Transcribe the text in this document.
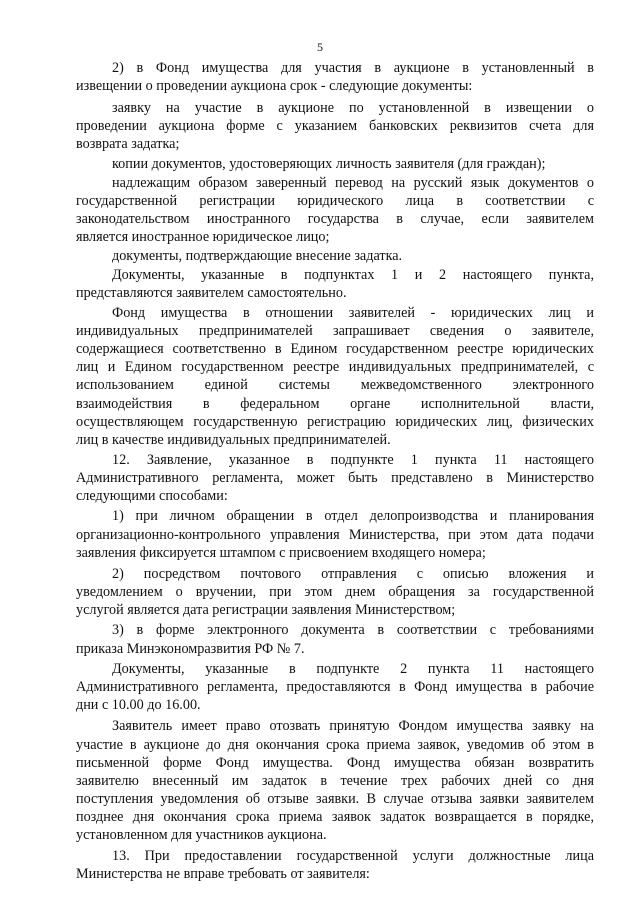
5
2) в Фонд имущества для участия в аукционе в установленный в
извещении о проведении аукциона срок - следующие документы:
заявку на участие в аукционе по установленной в извещении о
проведении аукциона форме с указанием банковских реквизитов счета для
возврата задатка;
копии документов, удостоверяющих личность заявителя (для граждан);
надлежащим образом заверенный перевод на русский язык документов о
государственной регистрации юридического лица в соответствии с
законодательством иностранного государства в случае, если заявителем
является иностранное юридическое лицо;
документы, подтверждающие внесение задатка.
Документы, указанные в подпунктах 1 и 2 настоящего пункта,
представляются заявителем самостоятельно.
Фонд имущества в отношении заявителей - юридических лиц и
индивидуальных предпринимателей запрашивает сведения о заявителе,
содержащиеся соответственно в Едином государственном реестре юридических
лиц и Едином государственном реестре индивидуальных предпринимателей, с
использованием единой системы межведомственного электронного
взаимодействия в федеральном органе исполнительной власти,
осуществляющем государственную регистрацию юридических лиц, физических
лиц в качестве индивидуальных предпринимателей.
12. Заявление, указанное в подпункте 1 пункта 11 настоящего
Административного регламента, может быть представлено в Министерство
следующими способами:
1) при личном обращении в отдел делопроизводства и планирования
организационно-контрольного управления Министерства, при этом дата подачи
заявления фиксируется штампом с присвоением входящего номера;
2) посредством почтового отправления с описью вложения и
уведомлением о вручении, при этом днем обращения за государственной
услугой является дата регистрации заявления Министерством;
3) в форме электронного документа в соответствии с требованиями
приказа Минэкономразвития РФ № 7.
Документы, указанные в подпункте 2 пункта 11 настоящего
Административного регламента, предоставляются в Фонд имущества в рабочие
дни с 10.00 до 16.00.
Заявитель имеет право отозвать принятую Фондом имущества заявку на
участие в аукционе до дня окончания срока приема заявок, уведомив об этом в
письменной форме Фонд имущества. Фонд имущества обязан возвратить
заявителю внесенный им задаток в течение трех рабочих дней со дня
поступления уведомления об отзыве заявки. В случае отзыва заявки заявителем
позднее дня окончания срока приема заявок задаток возвращается в порядке,
установленном для участников аукциона.
13. При предоставлении государственной услуги должностные лица
Министерства не вправе требовать от заявителя:
